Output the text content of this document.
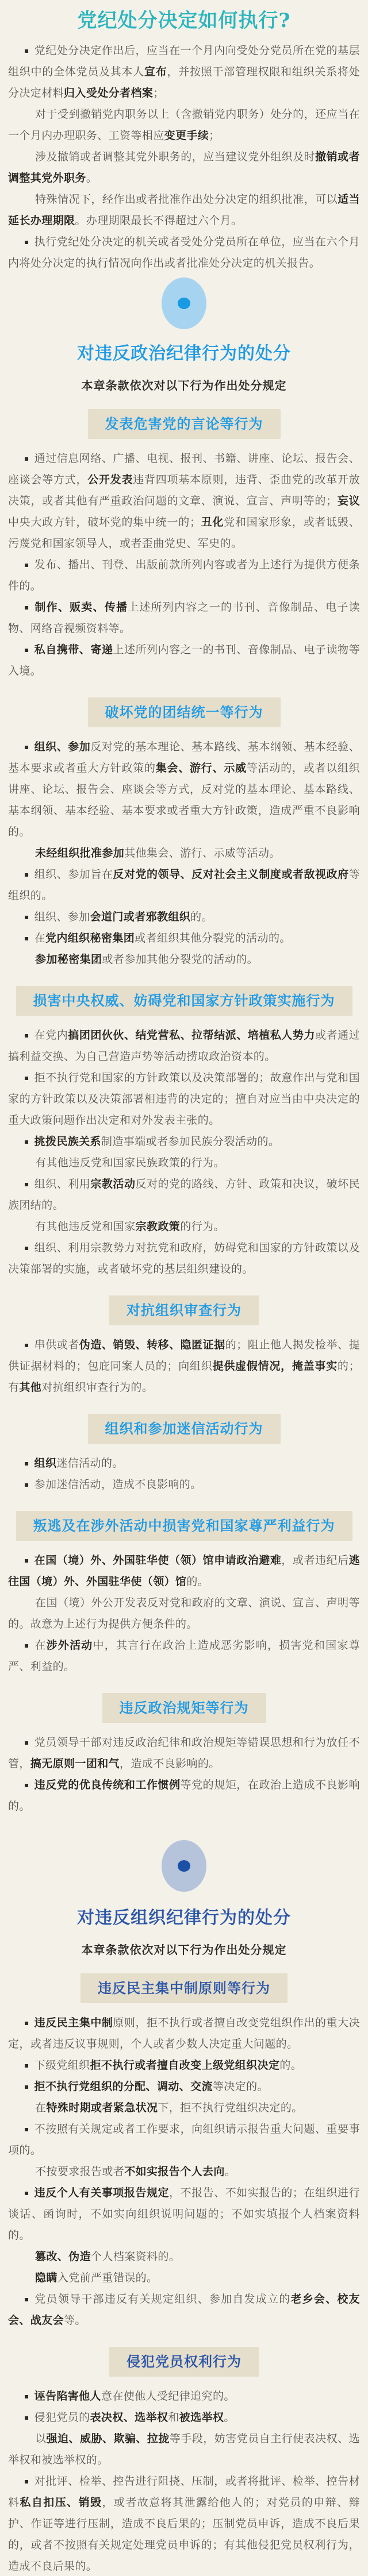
党纪处分决定如何执行?

▪ 党纪处分决定作出后，应当在一个月内向受处分党员所在党的基层组织中的全体党员及其本人宣布，并按照干部管理权限和组织关系将处分决定材料归入受处分者档案；

对于受到撤销党内职务以上（含撤销党内职务）处分的，还应当在一个月内办理职务、工资等相应变更手续；

涉及撤销或者调整其党外职务的，应当建议党外组织及时撤销或者调整其党外职务。

特殊情况下，经作出或者批准作出处分决定的组织批准，可以适当延长办理期限。办理期限最长不得超过六个月。

▪ 执行党纪处分决定的机关或者受处分党员所在单位，应当在六个月内将处分决定的执行情况向作出或者批准处分决定的机关报告。

对违反政治纪律行为的处分
本章条款依次对以下行为作出处分规定
发表危害党的言论等行为

▪ 通过信息网络、广播、电视、报刊、书籍、讲座、论坛、报告会、座谈会等方式，公开发表违背四项基本原则，违背、歪曲党的改革开放决策，或者其他有严重政治问题的文章、演说、宣言、声明等的；妄议中央大政方针，破坏党的集中统一的；丑化党和国家形象，或者诋毁、污蔑党和国家领导人，或者歪曲党史、军史的。

▪ 发布、播出、刊登、出版前款所列内容或者为上述行为提供方便条件的。

▪ 制作、贩卖、传播上述所列内容之一的书刊、音像制品、电子读物、网络音视频资料等。

▪ 私自携带、寄递上述所列内容之一的书刊、音像制品、电子读物等入境。

破坏党的团结统一等行为

▪ 组织、参加反对党的基本理论、基本路线、基本纲领、基本经验、基本要求或者重大方针政策的集会、游行、示威等活动的，或者以组织讲座、论坛、报告会、座谈会等方式，反对党的基本理论、基本路线、基本纲领、基本经验、基本要求或者重大方针政策，造成严重不良影响的。

未经组织批准参加其他集会、游行、示威等活动。

▪ 组织、参加旨在反对党的领导、反对社会主义制度或者敌视政府等组织的。

▪ 组织、参加会道门或者邪教组织的。

▪ 在党内组织秘密集团或者组织其他分裂党的活动的。

参加秘密集团或者参加其他分裂党的活动的。

损害中央权威、妨碍党和国家方针政策实施行为

▪ 在党内搞团团伙伙、结党营私、拉帮结派、培植私人势力或者通过搞利益交换、为自己营造声势等活动捞取政治资本的。

▪ 拒不执行党和国家的方针政策以及决策部署的；故意作出与党和国家的方针政策以及决策部署相违背的决定的；擅自对应当由中央决定的重大政策问题作出决定和对外发表主张的。

▪ 挑拨民族关系制造事端或者参加民族分裂活动的。

有其他违反党和国家民族政策的行为。

▪ 组织、利用宗教活动反对的党的路线、方针、政策和决议，破坏民族团结的。

有其他违反党和国家宗教政策的行为。

▪ 组织、利用宗教势力对抗党和政府，妨碍党和国家的方针政策以及决策部署的实施，或者破坏党的基层组织建设的。

对抗组织审查行为

▪ 串供或者伪造、销毁、转移、隐匿证据的；阻止他人揭发检举、提供证据材料的；包庇同案人员的；向组织提供虚假情况，掩盖事实的；有其他对抗组织审查行为的。

组织和参加迷信活动行为

▪ 组织迷信活动的。

▪ 参加迷信活动，造成不良影响的。

叛逃及在涉外活动中损害党和国家尊严利益行为

▪ 在国（境）外、外国驻华使（领）馆申请政治避难，或者违纪后逃往国（境）外、外国驻华使（领）馆的。

在国（境）外公开发表反对党和政府的文章、演说、宣言、声明等的。故意为上述行为提供方便条件的。

▪ 在涉外活动中，其言行在政治上造成恶劣影响，损害党和国家尊严、利益的。

违反政治规矩等行为

▪ 党员领导干部对违反政治纪律和政治规矩等错误思想和行为放任不管，搞无原则一团和气，造成不良影响的。

▪ 违反党的优良传统和工作惯例等党的规矩，在政治上造成不良影响的。

对违反组织纪律行为的处分
本章条款依次对以下行为作出处分规定
违反民主集中制原则等行为

▪ 违反民主集中制原则，拒不执行或者擅自改变党组织作出的重大决定，或者违反议事规则，个人或者少数人决定重大问题的。

▪ 下级党组织拒不执行或者擅自改变上级党组织决定的。

▪ 拒不执行党组织的分配、调动、交流等决定的。

在特殊时期或者紧急状况下，拒不执行党组织决定的。

▪ 不按照有关规定或者工作要求，向组织请示报告重大问题、重要事项的。

不按要求报告或者不如实报告个人去向。

▪ 违反个人有关事项报告规定，不报告、不如实报告的；在组织进行谈话、函询时，不如实向组织说明问题的；不如实填报个人档案资料的。

篡改、伪造个人档案资料的。

隐瞒入党前严重错误的。

▪ 党员领导干部违反有关规定组织、参加自发成立的老乡会、校友会、战友会等。

侵犯党员权利行为

▪ 诬告陷害他人意在使他人受纪律追究的。

▪ 侵犯党员的表决权、选举权和被选举权。

以强迫、威胁、欺骗、拉拢等手段，妨害党员自主行使表决权、选举权和被选举权的。

▪ 对批评、检举、控告进行阻挠、压制，或者将批评、检举、控告材料私自扣压、销毁，或者故意将其泄露给他人的；对党员的申辩、辩护、作证等进行压制，造成不良后果的；压制党员申诉，造成不良后果的，或者不按照有关规定处理党员申诉的；有其他侵犯党员权利行为，造成不良后果的。
